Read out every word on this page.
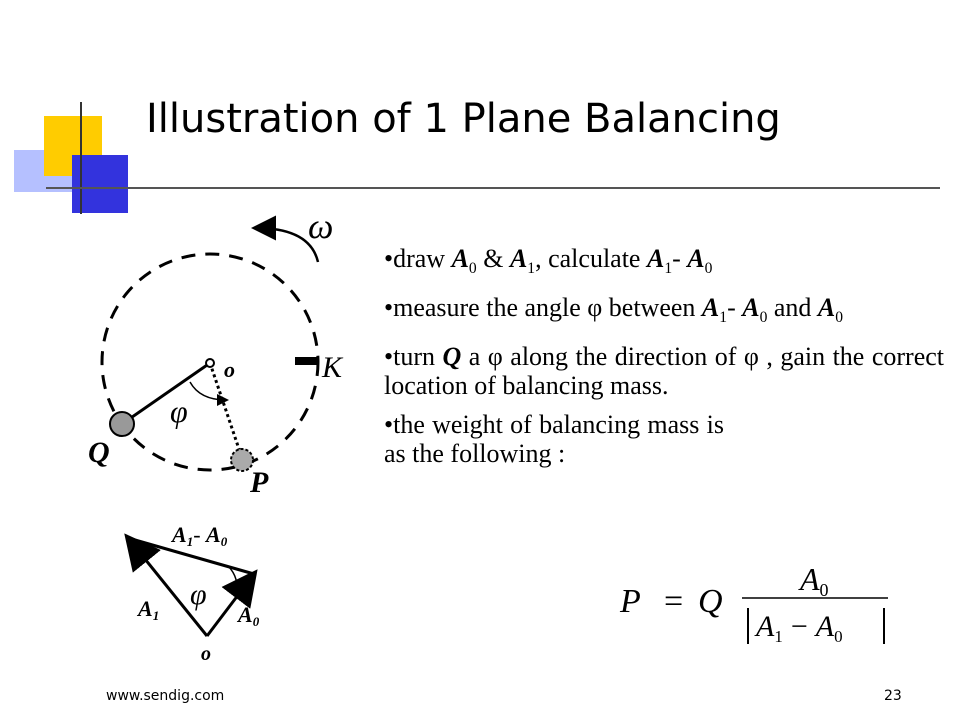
Illustration of 1 Plane Balancing
ω
o	K
φ
Q
P
A1- A0
φ
A1	A0
o

•draw $A_0$ & $A_1$, calculate $A_1-$ $A_0$

•measure the angle φ between $A_1-$ $A_0$ and $A_0$

•turn Q a φ along the direction of φ , gain the correct location of balancing mass.

•the weight of balancing mass is as the following :

P = Q
A0
$A_1 - A_0$
www.sendig.com	23
